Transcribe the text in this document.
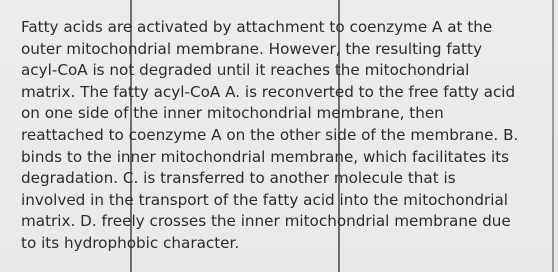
Fatty acids are activated by attachment to coenzyme A at the
outer mitochondrial membrane. However, the resulting fatty
acyl-CoA is not degraded until it reaches the mitochondrial
matrix. The fatty acyl-CoA A. is reconverted to the free fatty acid
on one side of the inner mitochondrial membrane, then
reattached to coenzyme A on the other side of the membrane. B.
binds to the inner mitochondrial membrane, which facilitates its
degradation. C. is transferred to another molecule that is
involved in the transport of the fatty acid into the mitochondrial
matrix. D. freely crosses the inner mitochondrial membrane due
to its hydrophobic character.
